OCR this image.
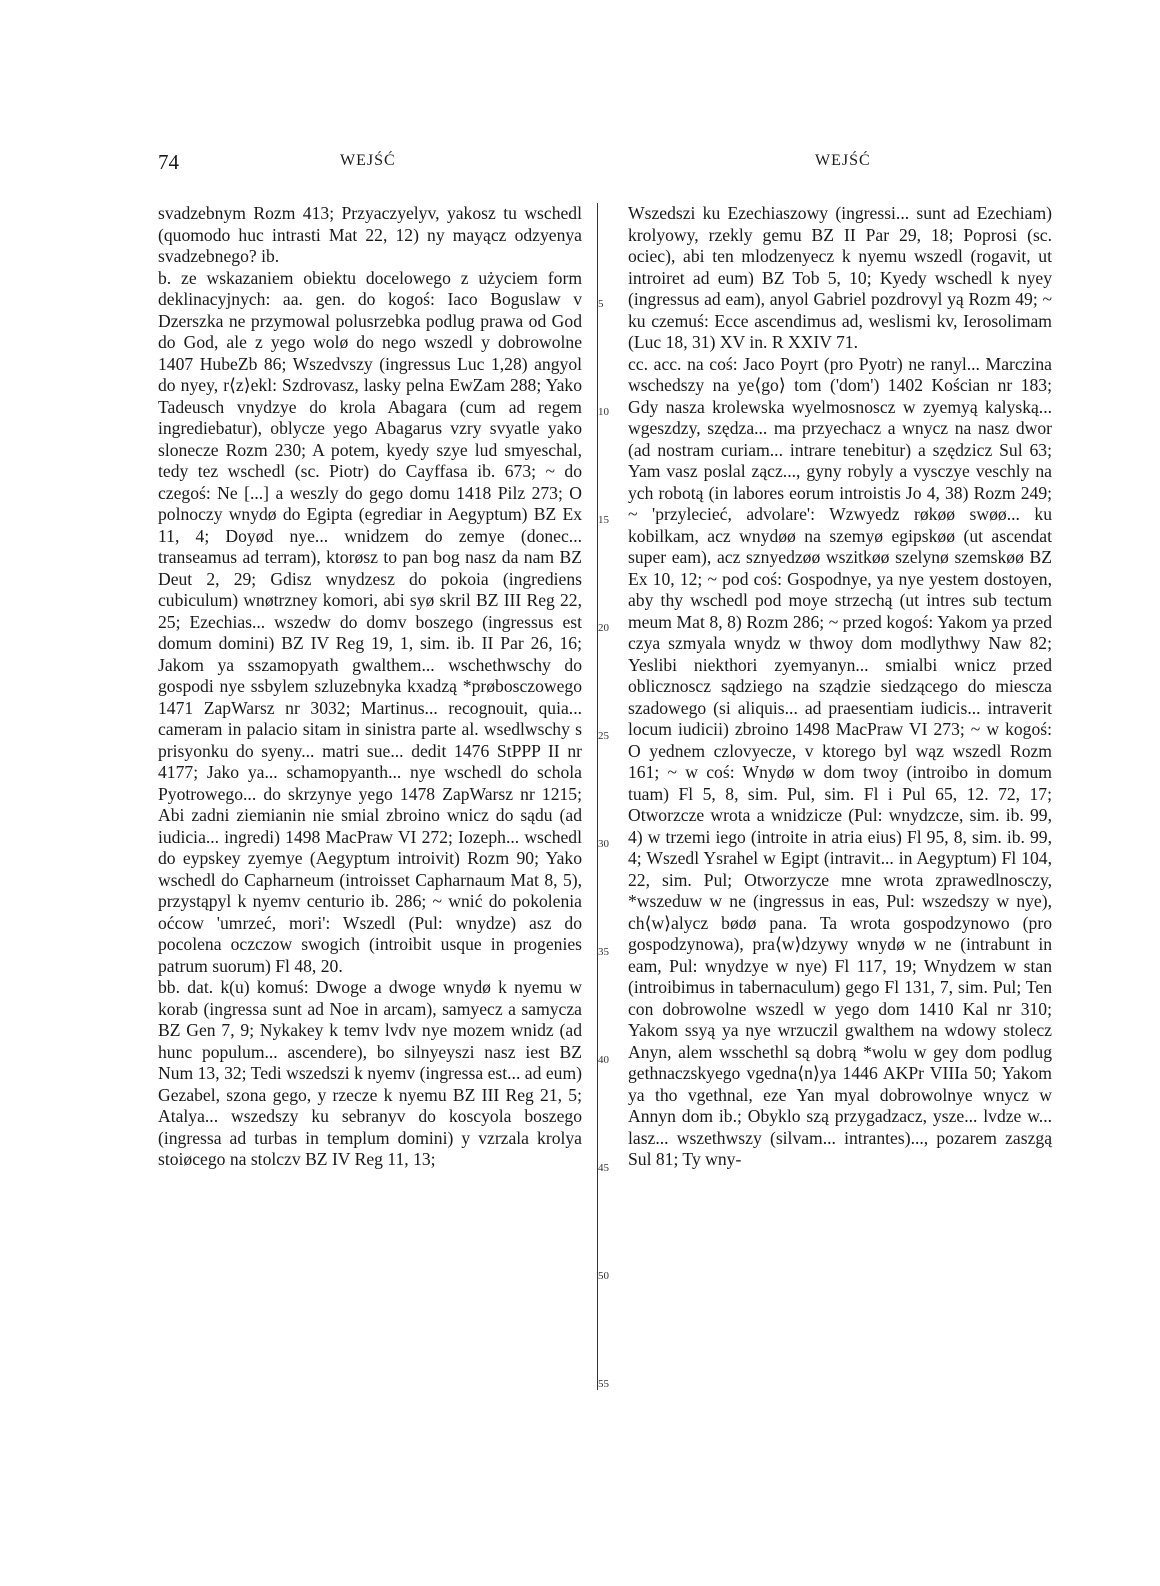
74	WEJŚĆ	WEJŚĆ

svadzebnym Rozm 413; Przyaczyelyv, yakosz tu wschedl (quomodo huc intrasti Mat 22, 12) ny mayącz odzyenya svadzebnego? ib.

b. ze wskazaniem obiektu docelowego z użyciem form deklinacyjnych: aa. gen. do kogoś: Iaco Boguslaw v Dzerszka ne przymowal polusrzebka podlug prawa od God do God, ale z yego wolø do nego wszedl y dobrowolne 1407 HubeZb 86; Wszedvszy (ingressus Luc 1,28) angyol do nyey, r⟨z⟩ekl: Szdrovasz, lasky pelna EwZam 288; Yako Tadeusch vnydzye do krola Abagara (cum ad regem ingrediebatur), oblycze yego Abagarus vzry svyatle yako slonecze Rozm 230; A potem, kyedy szye lud smyeschal, tedy tez wschedl (sc. Piotr) do Cayffasa ib. 673; ~ do czegoś: Ne [...] a weszly do gego domu 1418 Pilz 273; O polnoczy wnydø do Egipta (egrediar in Aegyptum) BZ Ex 11, 4; Doyød nye... wnidzem do zemye (donec... transeamus ad terram), ktorøsz to pan bog nasz da nam BZ Deut 2, 29; Gdisz wnydzesz do pokoia (ingrediens cubiculum) wnøtrzney komori, abi syø skril BZ III Reg 22, 25; Ezechias... wszedw do domv boszego (ingressus est domum domini) BZ IV Reg 19, 1, sim. ib. II Par 26, 16; Jakom ya sszamopyath gwalthem... wschethwschy do gospodi nye ssbylem szluzebnyka kxadzą *prøbosczowego 1471 ZapWarsz nr 3032; Martinus... recognouit, quia... cameram in palacio sitam in sinistra parte al. wsedlwschy s prisyonku do syeny... matri sue... dedit 1476 StPPP II nr 4177; Jako ya... schamopyanth... nye wschedl do schola Pyotrowego... do skrzynye yego 1478 ZapWarsz nr 1215; Abi zadni ziemianin nie smial zbroino wnicz do sądu (ad iudicia... ingredi) 1498 MacPraw VI 272; Iozeph... wschedl do eypskey zyemye (Aegyptum introivit) Rozm 90; Yako wschedl do Capharneum (introisset Capharnaum Mat 8, 5), przystąpyl k nyemv centurio ib. 286; ~ wnić do pokolenia oćcow 'umrzeć, mori': Wszedl (Pul: wnydze) asz do pocolena oczczow swogich (introibit usque in progenies patrum suorum) Fl 48, 20.

bb. dat. k(u) komuś: Dwoge a dwoge wnydø k nyemu w korab (ingressa sunt ad Noe in arcam), samyecz a samycza BZ Gen 7, 9; Nykakey k temv lvdv nye mozem wnidz (ad hunc populum... ascendere), bo silnyeyszi nasz iest BZ Num 13, 32; Tedi wszedszi k nyemv (ingressa est... ad eum) Gezabel, szona gego, y rzecze k nyemu BZ III Reg 21, 5; Atalya... wszedszy ku sebranyv do koscyola boszego (ingressa ad turbas in templum domini) y vzrzala krolya stoiøcego na stolczv BZ IV Reg 11, 13;

5
10
15
20
25
30
35
40
45
50
55

Wszedszi ku Ezechiaszowy (ingressi... sunt ad Ezechiam) krolyowy, rzekly gemu BZ II Par 29, 18; Poprosi (sc. ociec), abi ten mlodzenyecz k nyemu wszedl (rogavit, ut introiret ad eum) BZ Tob 5, 10; Kyedy wschedl k nyey (ingressus ad eam), anyol Gabriel pozdrovyl yą Rozm 49; ~ ku czemuś: Ecce ascendimus ad, weslismi kv, Ierosolimam (Luc 18, 31) XV in. R XXIV 71.

cc. acc. na coś: Jaco Poyrt (pro Pyotr) ne ranyl... Marczina wschedszy na ye⟨go⟩ tom ('dom') 1402 Kościan nr 183; Gdy nasza krolewska wyelmosnoscz w zyemyą kalyską... wgeszdzy, szędza... ma przyechacz a wnycz na nasz dwor (ad nostram curiam... intrare tenebitur) a szędzicz Sul 63; Yam vasz poslal zącz..., gyny robyly a vysczye veschly na ych robotą (in labores eorum introistis Jo 4, 38) Rozm 249; ~ 'przylecieć, advolare': Wzwyedz røkøø swøø... ku kobilkam, acz wnydøø na szemyø egipskøø (ut ascendat super eam), acz sznyedzøø wszitkøø szelynø szemskøø BZ Ex 10, 12; ~ pod coś: Gospodnye, ya nye yestem dostoyen, aby thy wschedl pod moye strzechą (ut intres sub tectum meum Mat 8, 8) Rozm 286; ~ przed kogoś: Yakom ya przed czya szmyala wnydz w thwoy dom modlythwy Naw 82; Yeslibi niekthori zyemyanyn... smialbi wnicz przed oblicznoscz sądziego na sządzie siedzącego do miescza szadowego (si aliquis... ad praesentiam iudicis... intraverit locum iudicii) zbroino 1498 MacPraw VI 273; ~ w kogoś: O yednem czlovyecze, v ktorego byl wąz wszedl Rozm 161; ~ w coś: Wnydø w dom twoy (introibo in domum tuam) Fl 5, 8, sim. Pul, sim. Fl i Pul 65, 12. 72, 17; Otworzcze wrota a wnidzicze (Pul: wnydzcze, sim. ib. 99, 4) w trzemi iego (introite in atria eius) Fl 95, 8, sim. ib. 99, 4; Wszedl Ysrahel w Egipt (intravit... in Aegyptum) Fl 104, 22, sim. Pul; Otworzycze mne wrota zprawedlnosczy, *wszeduw w ne (ingressus in eas, Pul: wszedszy w nye), ch⟨w⟩alycz bødø pana. Ta wrota gospodzynowo (pro gospodzynowa), pra⟨w⟩dzywy wnydø w ne (intrabunt in eam, Pul: wnydzye w nye) Fl 117, 19; Wnydzem w stan (introibimus in tabernaculum) gego Fl 131, 7, sim. Pul; Ten con dobrowolne wszedl w yego dom 1410 Kal nr 310; Yakom ssyą ya nye wrzuczil gwalthem na wdowy stolecz Anyn, alem wsschethl są dobrą *wolu w gey dom podlug gethnaczskyego vgedna⟨n⟩ya 1446 AKPr VIIIa 50; Yakom ya tho vgethnal, eze Yan myal dobrowolnye wnycz w Annyn dom ib.; Obyklo szą przygadzacz, ysze... lvdze w... lasz... wszethwszy (silvam... intrantes)..., pozarem zaszgą Sul 81; Ty wny-
